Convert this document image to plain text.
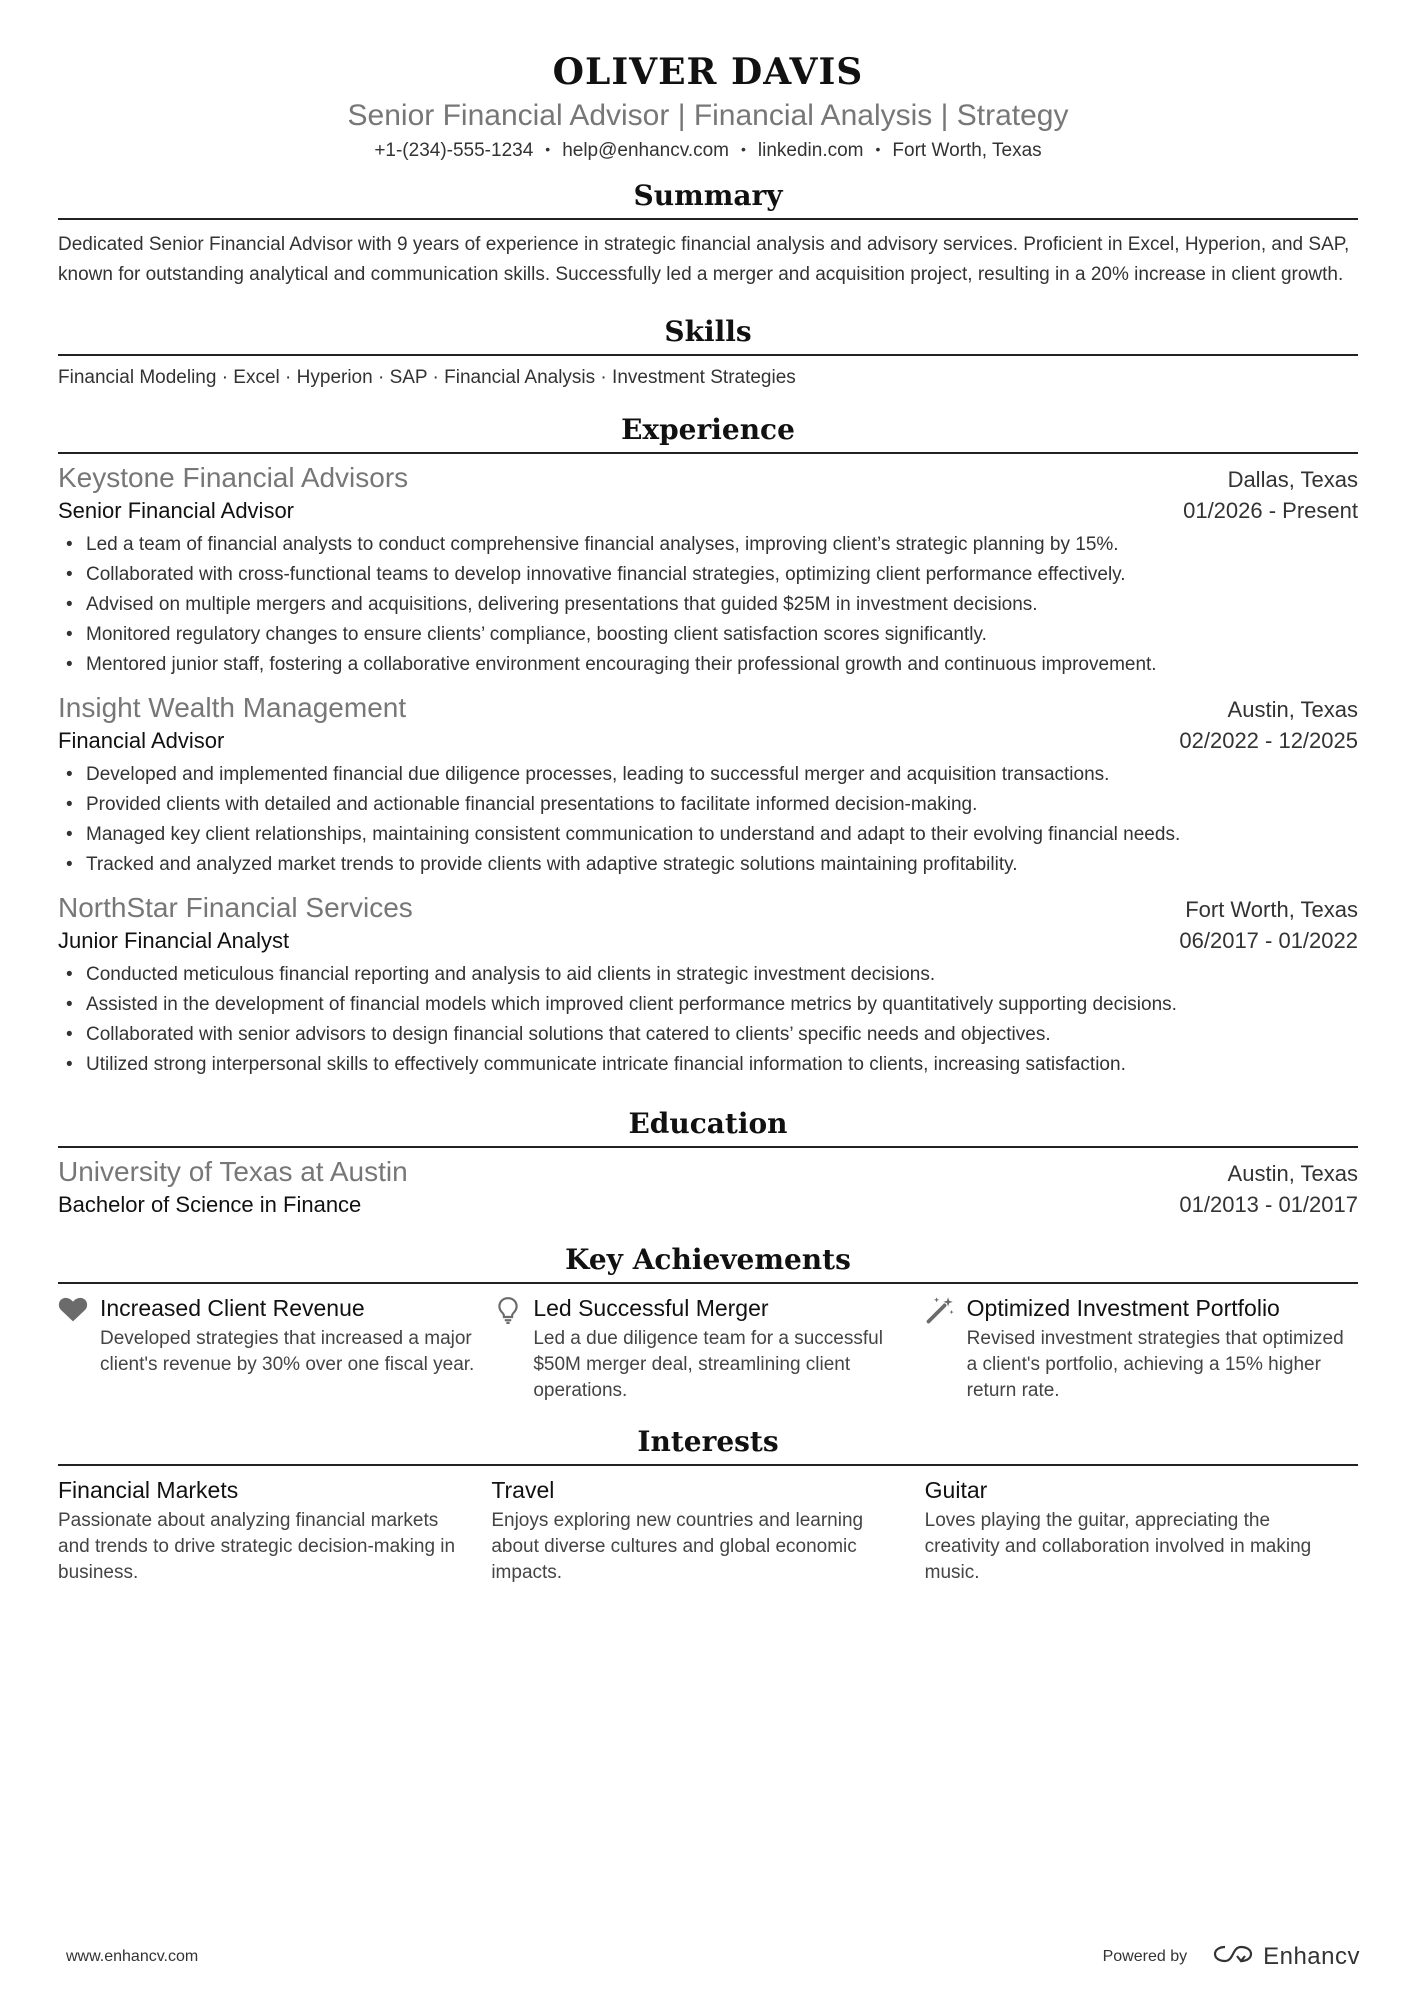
OLIVER DAVIS
Senior Financial Advisor | Financial Analysis | Strategy
+1-(234)-555-1234 • help@enhancv.com • linkedin.com • Fort Worth, Texas
Summary
Dedicated Senior Financial Advisor with 9 years of experience in strategic financial analysis and advisory services. Proficient in Excel, Hyperion, and SAP, known for outstanding analytical and communication skills. Successfully led a merger and acquisition project, resulting in a 20% increase in client growth.
Skills
Financial Modeling · Excel · Hyperion · SAP · Financial Analysis · Investment Strategies
Experience
Keystone Financial Advisors	Dallas, Texas
Senior Financial Advisor	01/2026 - Present
• Led a team of financial analysts to conduct comprehensive financial analyses, improving client’s strategic planning by 15%.
• Collaborated with cross-functional teams to develop innovative financial strategies, optimizing client performance effectively.
• Advised on multiple mergers and acquisitions, delivering presentations that guided $25M in investment decisions.
• Monitored regulatory changes to ensure clients’ compliance, boosting client satisfaction scores significantly.
• Mentored junior staff, fostering a collaborative environment encouraging their professional growth and continuous improvement.
Insight Wealth Management	Austin, Texas
Financial Advisor	02/2022 - 12/2025
• Developed and implemented financial due diligence processes, leading to successful merger and acquisition transactions.
• Provided clients with detailed and actionable financial presentations to facilitate informed decision-making.
• Managed key client relationships, maintaining consistent communication to understand and adapt to their evolving financial needs.
• Tracked and analyzed market trends to provide clients with adaptive strategic solutions maintaining profitability.
NorthStar Financial Services	Fort Worth, Texas
Junior Financial Analyst	06/2017 - 01/2022
• Conducted meticulous financial reporting and analysis to aid clients in strategic investment decisions.
• Assisted in the development of financial models which improved client performance metrics by quantitatively supporting decisions.
• Collaborated with senior advisors to design financial solutions that catered to clients’ specific needs and objectives.
• Utilized strong interpersonal skills to effectively communicate intricate financial information to clients, increasing satisfaction.
Education
University of Texas at Austin	Austin, Texas
Bachelor of Science in Finance	01/2013 - 01/2017
Key Achievements
Increased Client Revenue
Developed strategies that increased a major client's revenue by 30% over one fiscal year.
Led Successful Merger
Led a due diligence team for a successful $50M merger deal, streamlining client operations.
Optimized Investment Portfolio
Revised investment strategies that optimized a client's portfolio, achieving a 15% higher return rate.
Interests
Financial Markets
Passionate about analyzing financial markets and trends to drive strategic decision-making in business.
Travel
Enjoys exploring new countries and learning about diverse cultures and global economic impacts.
Guitar
Loves playing the guitar, appreciating the creativity and collaboration involved in making music.
www.enhancv.com	Powered by	Enhancv
